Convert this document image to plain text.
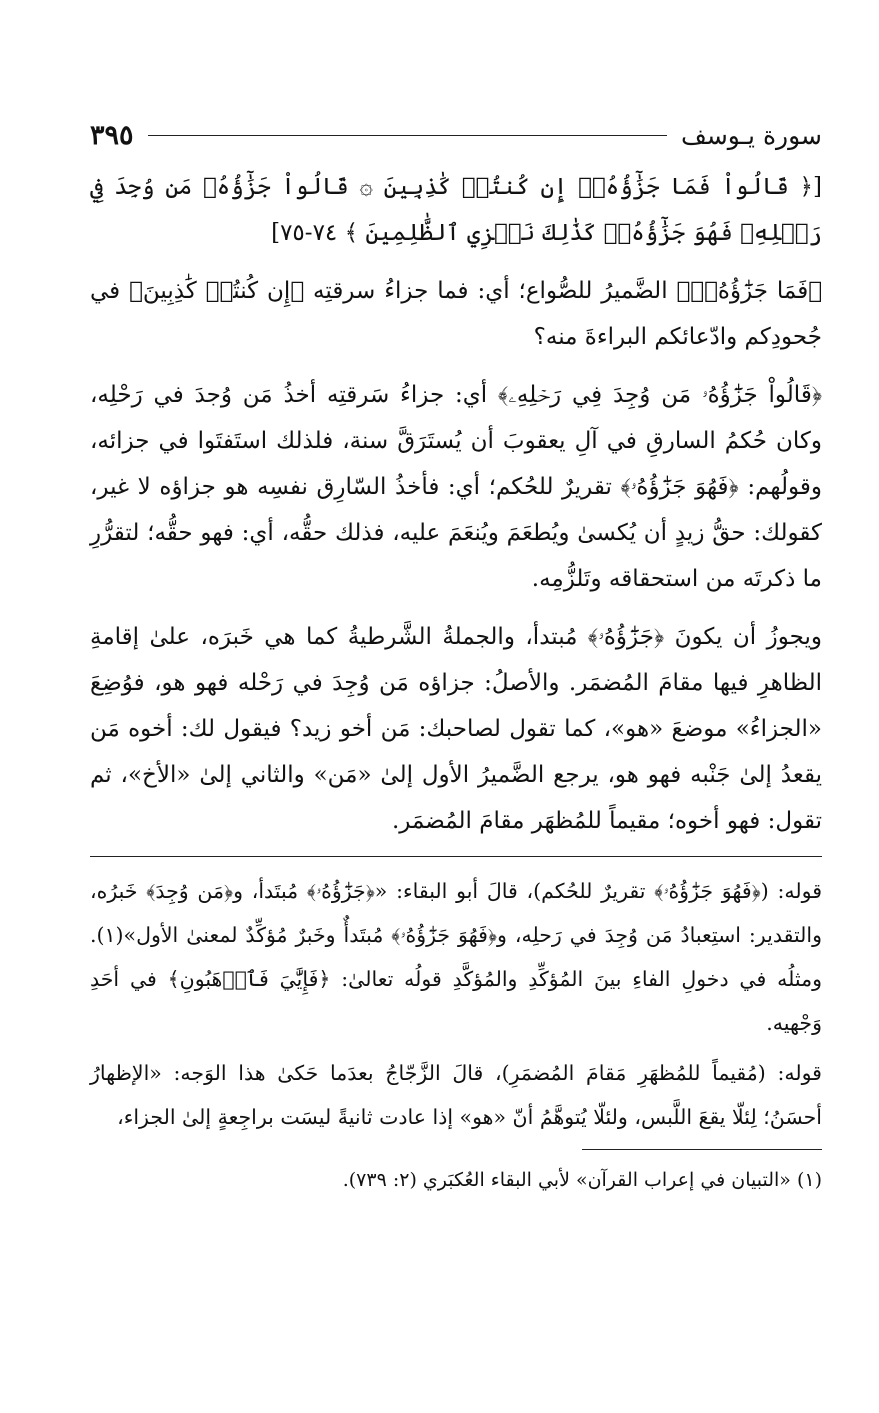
سورة يـوسف
٣٩٥

[﴿ قَالُواْ فَمَا جَزَٰٓؤُهُۥٓ إِن كُنتُمۡ كَٰذِبِينَ ۞ قَالُواْ جَزَٰٓؤُهُۥ مَن وُجِدَ فِي رَحۡلِهِۦ فَهُوَ جَزَٰٓؤُهُۥۚ كَذَٰلِكَ نَجۡزِي ٱلظَّٰلِمِينَ ﴾ ٧٤-٧٥]

﴿فَمَا جَزَٰٓؤُهُۥٓ﴾ الضَّميرُ للصُّواع؛ أي: فما جزاءُ سرقتِه ﴿إِن كُنتُمۡ كَٰذِبِينَ﴾ في جُحودِكم وادّعائكم البراءةَ منه؟

﴿قَالُواْ جَزَٰٓؤُهُۥ مَن وُجِدَ فِي رَحۡلِهِۦ﴾ أي: جزاءُ سَرقتِه أخذُ مَن وُجدَ في رَحْلِه، وكان حُكمُ السارقِ في آلِ يعقوبَ أن يُستَرَقَّ سنة، فلذلك استَفتَوا في جزائه، وقولُهم: ﴿فَهُوَ جَزَٰٓؤُهُۥ﴾ تقريرٌ للحُكم؛ أي: فأخذُ السّارِق نفسِه هو جزاؤه لا غير، كقولك: حقُّ زيدٍ أن يُكسىٰ ويُطعَمَ ويُنعَمَ عليه، فذلك حقُّه، أي: فهو حقُّه؛ لتقرُّرِ ما ذكرتَه من استحقاقه وتَلزُّمِه.

ويجوزُ أن يكونَ ﴿جَزَٰٓؤُهُۥ﴾ مُبتدأ، والجملةُ الشَّرطيةُ كما هي خَبرَه، علىٰ إقامةِ الظاهرِ فيها مقامَ المُضمَر. والأصلُ: جزاؤه مَن وُجِدَ في رَحْله فهو هو، فوُضِعَ «الجزاءُ» موضعَ «هو»، كما تقول لصاحبك: مَن أخو زيد؟ فيقول لك: أخوه مَن يقعدُ إلىٰ جَنْبه فهو هو، يرجع الضَّميرُ الأول إلىٰ «مَن» والثاني إلىٰ «الأخ»، ثم تقول: فهو أخوه؛ مقيماً للمُظهَر مقامَ المُضمَر.

قوله: (﴿فَهُوَ جَزَٰٓؤُهُۥ﴾ تقريرٌ للحُكم)، قالَ أبو البقاء: «﴿جَزَٰٓؤُهُۥ﴾ مُبتَدأ، و﴿مَن وُجِدَ﴾ خَبرُه، والتقدير: استِعبادُ مَن وُجِدَ في رَحلِه، و﴿فَهُوَ جَزَٰٓؤُهُۥ﴾ مُبتَدأٌ وخَبرٌ مُؤكِّدٌ لمعنىٰ الأول»(١). ومثلُه في دخولِ الفاءِ بينَ المُؤكِّدِ والمُؤكَّدِ قولُه تعالىٰ: ﴿فَإِيَّٰيَ فَٱرۡهَبُونِ﴾ في أحَدِ وَجْهيه.

قوله: (مُقيماً للمُظهَرِ مَقامَ المُضمَرِ)، قالَ الزَّجّاجُ بعدَما حَكىٰ هذا الوَجه: «الإظهارُ أحسَنُ؛ لِئلّا يقعَ اللَّبس، ولئلّا يُتوهَّمُ أنّ «هو» إذا عادت ثانيةً ليسَت براجِعةٍ إلىٰ الجزاء،

(١) «التبيان في إعراب القرآن» لأبي البقاء العُكبَري (٢: ٧٣٩).
